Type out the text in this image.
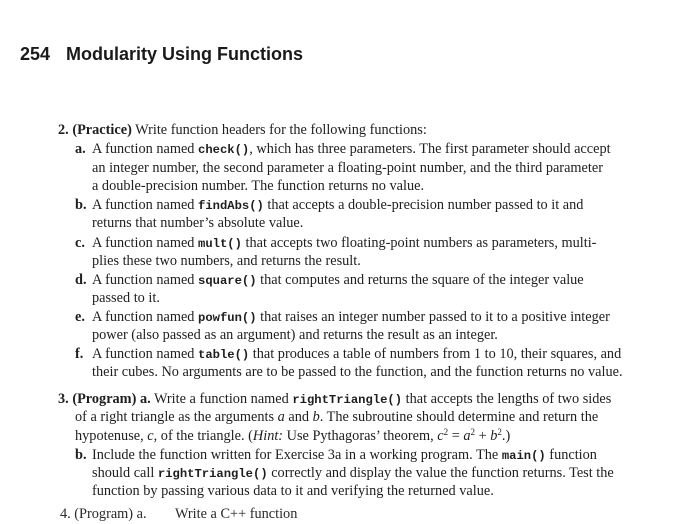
254 Modularity Using Functions
2. (Practice) Write function headers for the following functions:
a. A function named check(), which has three parameters. The first parameter should accept
an integer number, the second parameter a floating-point number, and the third parameter
a double-precision number. The function returns no value.
b. A function named findAbs() that accepts a double-precision number passed to it and
returns that number’s absolute value.
c. A function named mult() that accepts two floating-point numbers as parameters, multi-
plies these two numbers, and returns the result.
d. A function named square() that computes and returns the square of the integer value
passed to it.
e. A function named powfun() that raises an integer number passed to it to a positive integer
power (also passed as an argument) and returns the result as an integer.
f. A function named table() that produces a table of numbers from 1 to 10, their squares, and
their cubes. No arguments are to be passed to the function, and the function returns no value.
3. (Program) a. Write a function named rightTriangle() that accepts the lengths of two sides
of a right triangle as the arguments a and b. The subroutine should determine and return the
hypotenuse, c, of the triangle. (Hint: Use Pythagoras’ theorem, $c^2 = a^2 + b^2$.)
b. Include the function written for Exercise 3a in a working program. The main() function
should call rightTriangle() correctly and display the value the function returns. Test the
function by passing various data to it and verifying the returned value.
4. (Program) a. Write a C++ function
